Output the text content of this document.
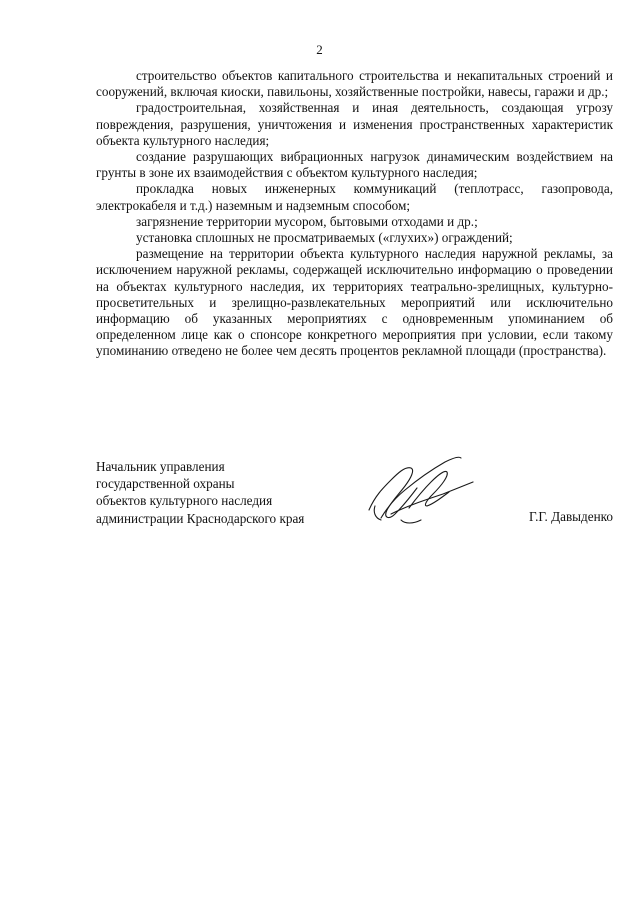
2

строительство объектов капитального строительства и некапитальных строений и сооружений, включая киоски, павильоны, хозяйственные постройки, навесы, гаражи и др.;

градостроительная, хозяйственная и иная деятельность, создающая угрозу повреждения, разрушения, уничтожения и изменения пространственных характеристик объекта культурного наследия;

создание разрушающих вибрационных нагрузок динамическим воздействием на грунты в зоне их взаимодействия с объектом культурного наследия;

прокладка новых инженерных коммуникаций (теплотрасс, газопровода, электрокабеля и т.д.) наземным и надземным способом;

загрязнение территории мусором, бытовыми отходами и др.;

установка сплошных не просматриваемых («глухих») ограждений;

размещение на территории объекта культурного наследия наружной рекламы, за исключением наружной рекламы, содержащей исключительно информацию о проведении на объектах культурного наследия, их территориях театрально-зрелищных, культурно-просветительных и зрелищно-развлекательных мероприятий или исключительно информацию об указанных мероприятиях с одновременным упоминанием об определенном лице как о спонсоре конкретного мероприятия при условии, если такому упоминанию отведено не более чем десять процентов рекламной площади (пространства).

Начальник управления
государственной охраны
объектов культурного наследия
администрации Краснодарского края	Г.Г. Давыденко
